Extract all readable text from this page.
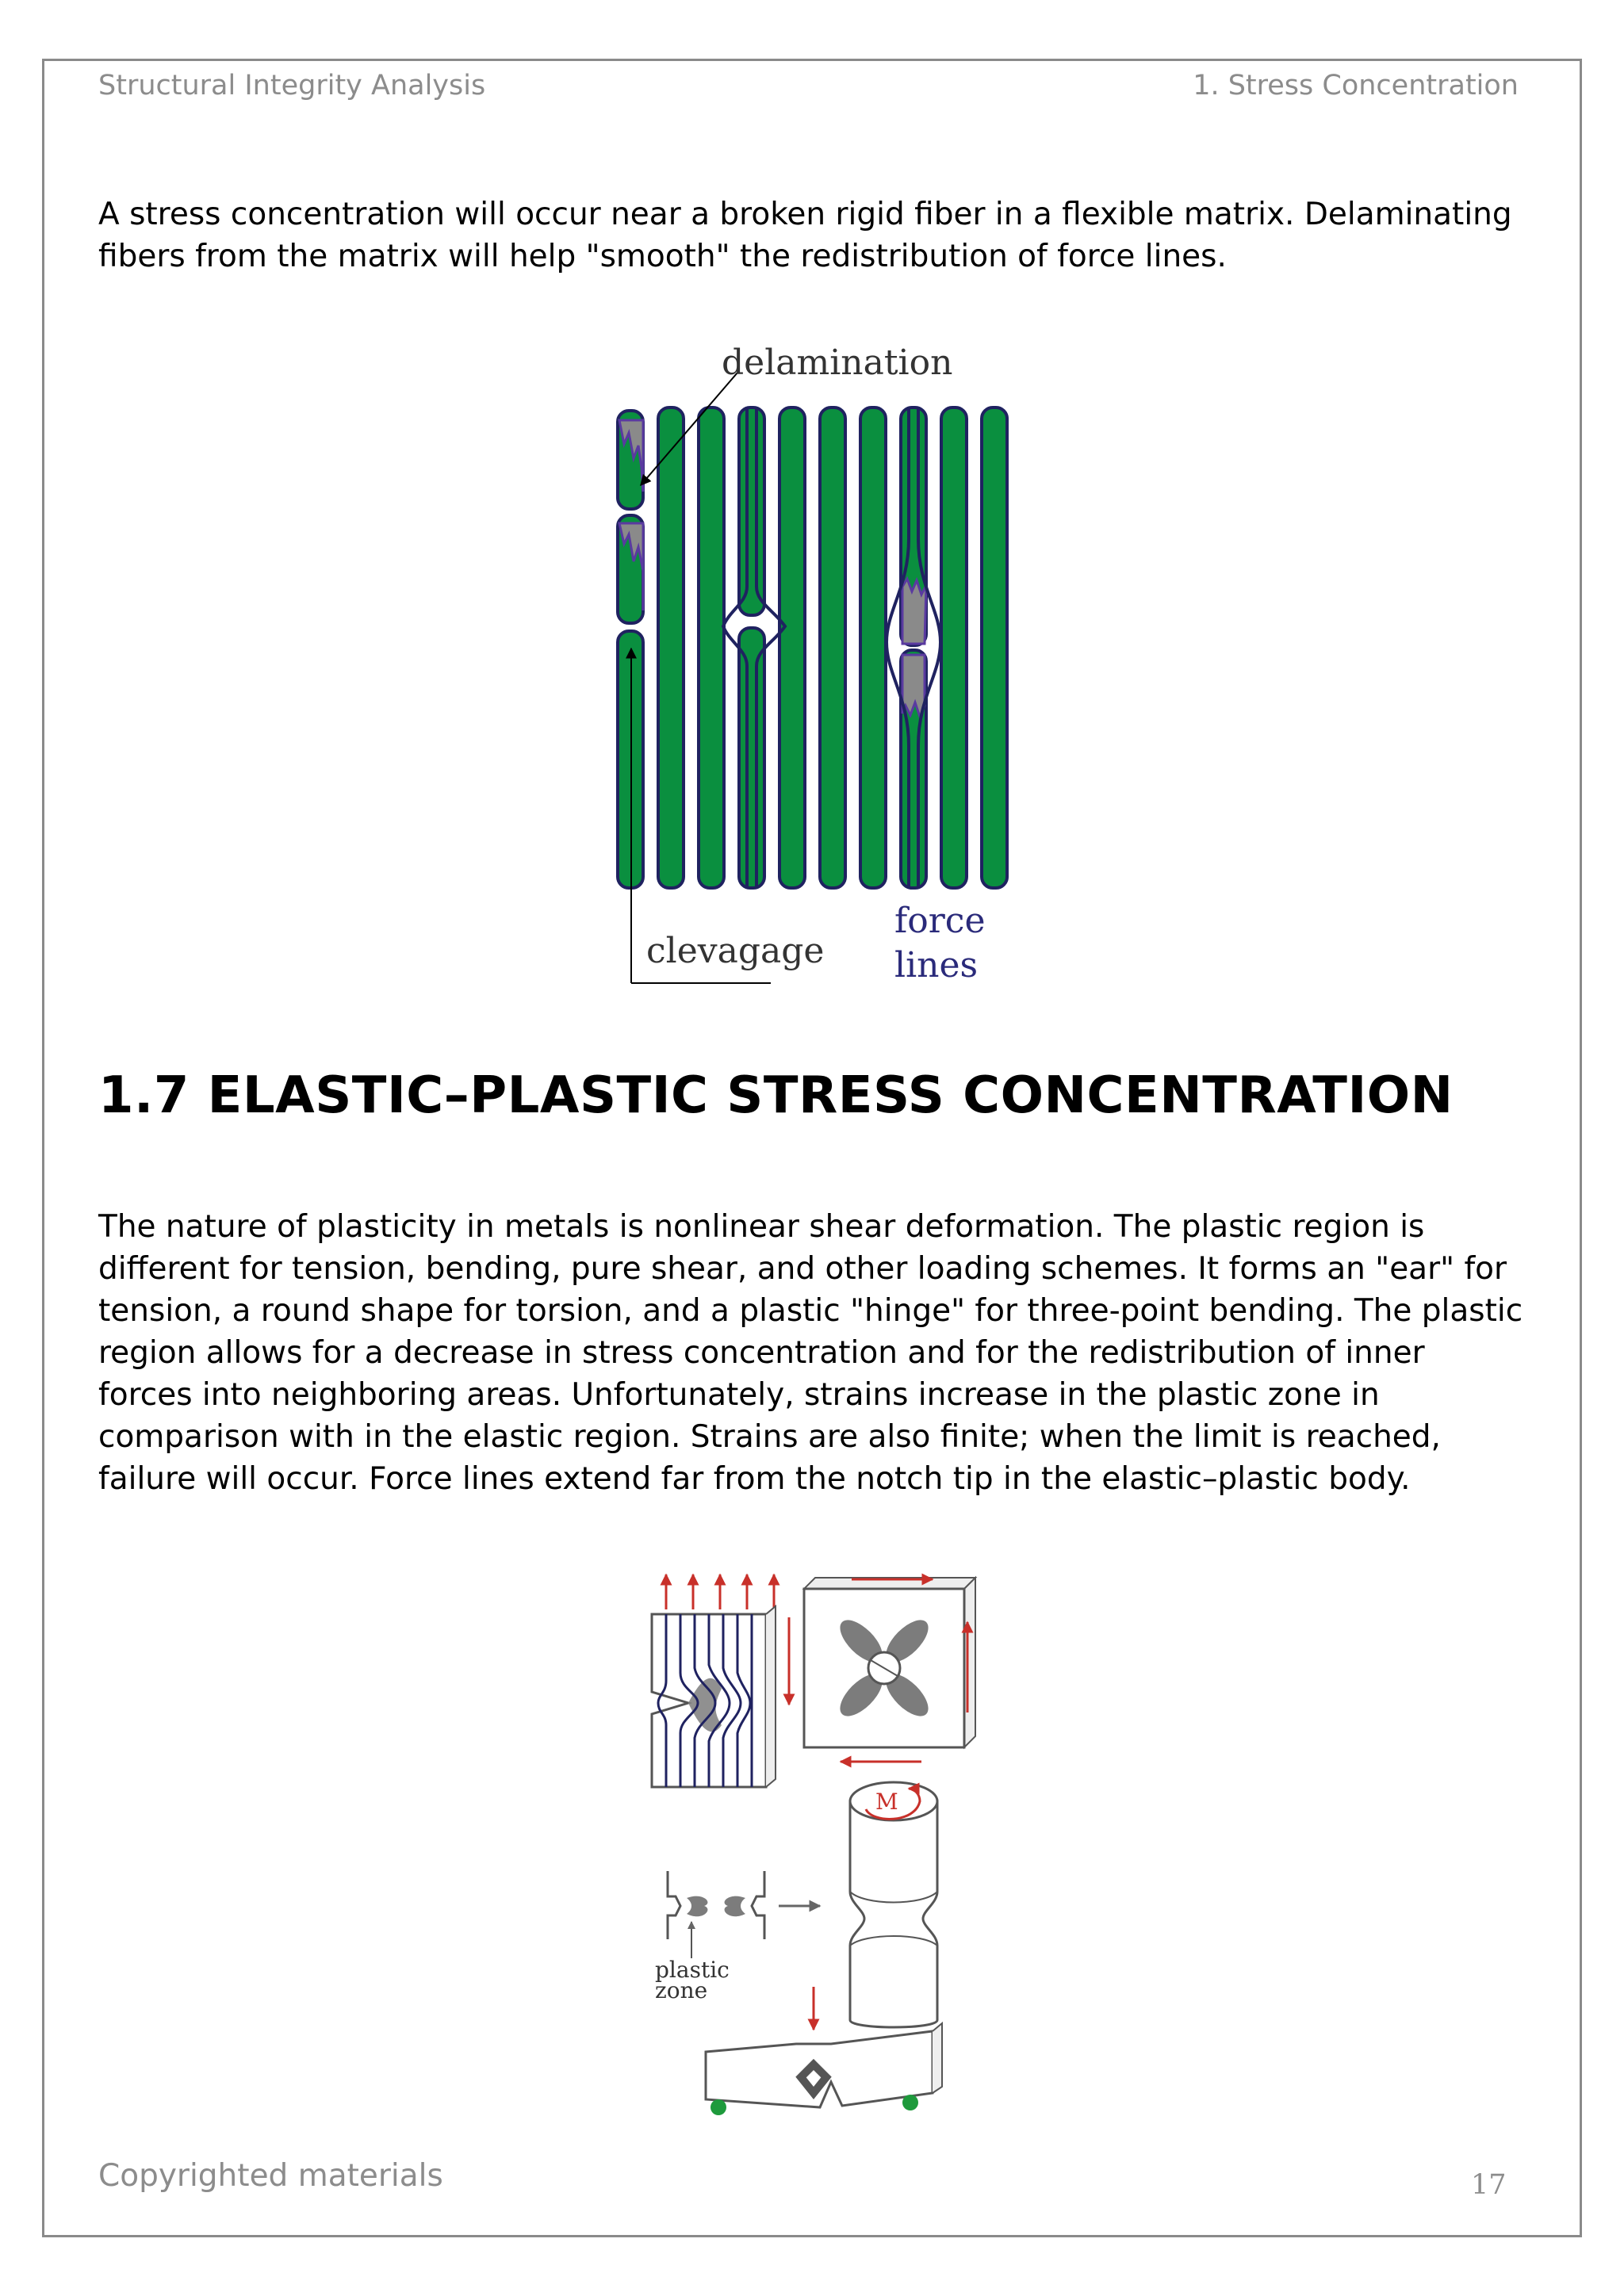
Structural Integrity Analysis	1. Stress Concentration

A stress concentration will occur near a broken rigid fiber in a flexible matrix. Delaminating fibers from the matrix will help "smooth" the redistribution of force lines.

delamination
clevagage
force
lines
1.7 ELASTIC–PLASTIC STRESS CONCENTRATION

The nature of plasticity in metals is nonlinear shear deformation. The plastic region is different for tension, bending, pure shear, and other loading schemes. It forms an "ear" for tension, a round shape for torsion, and a plastic "hinge" for three-point bending. The plastic region allows for a decrease in stress concentration and for the redistribution of inner forces into neighboring areas. Unfortunately, strains increase in the plastic zone in comparison with in the elastic region. Strains are also finite; when the limit is reached, failure will occur. Force lines extend far from the notch tip in the elastic–plastic body.

M
plastic
zone
Copyrighted materials	17
